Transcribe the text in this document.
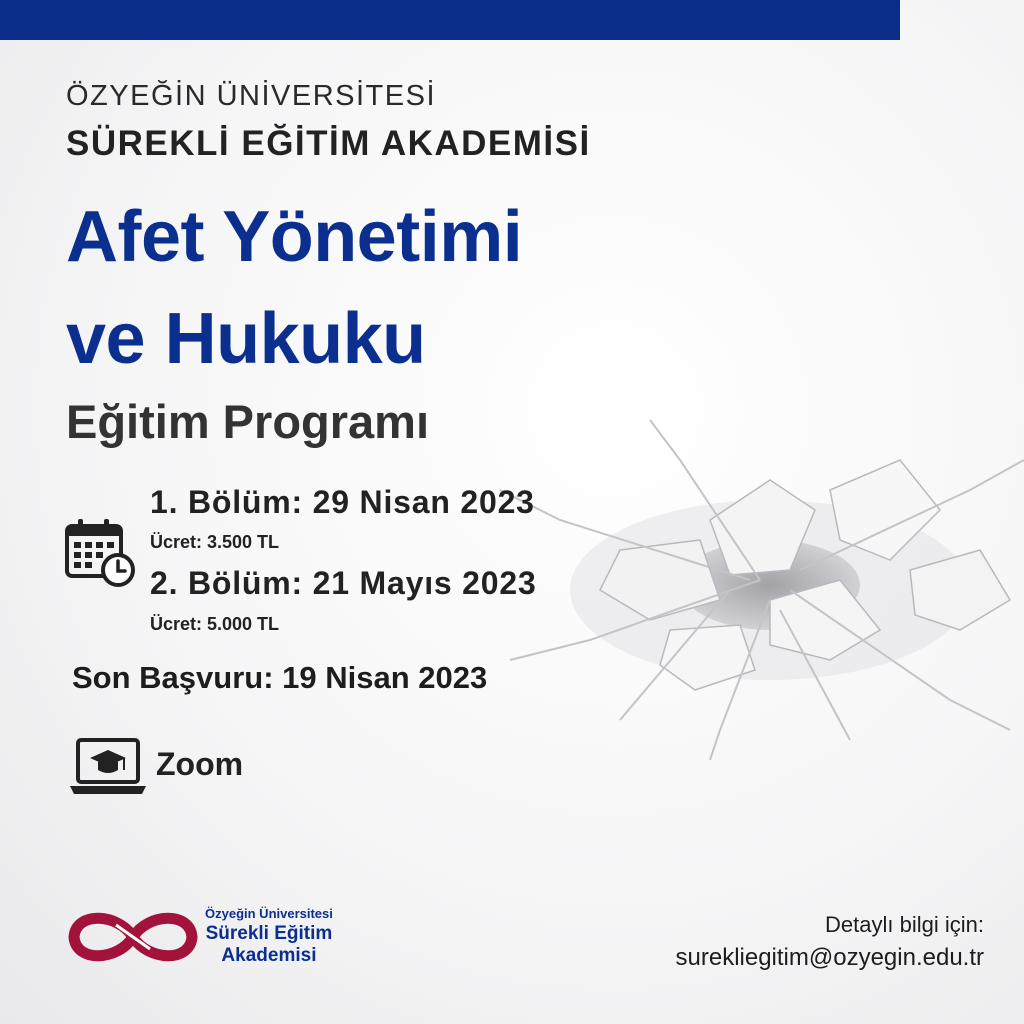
ÖZYEĞİN ÜNİVERSİTESİ
SÜREKLİ EĞİTİM AKADEMİSİ
Afet Yönetimi
ve Hukuku
Eğitim Programı
1. Bölüm: 29 Nisan 2023
Ücret: 3.500 TL
2. Bölüm: 21 Mayıs 2023
Ücret: 5.000 TL
Son Başvuru: 19 Nisan 2023
Zoom
Özyeğin Üniversitesi
Sürekli Eğitim
Akademisi
Detaylı bilgi için:
surekliegitim@ozyegin.edu.tr
